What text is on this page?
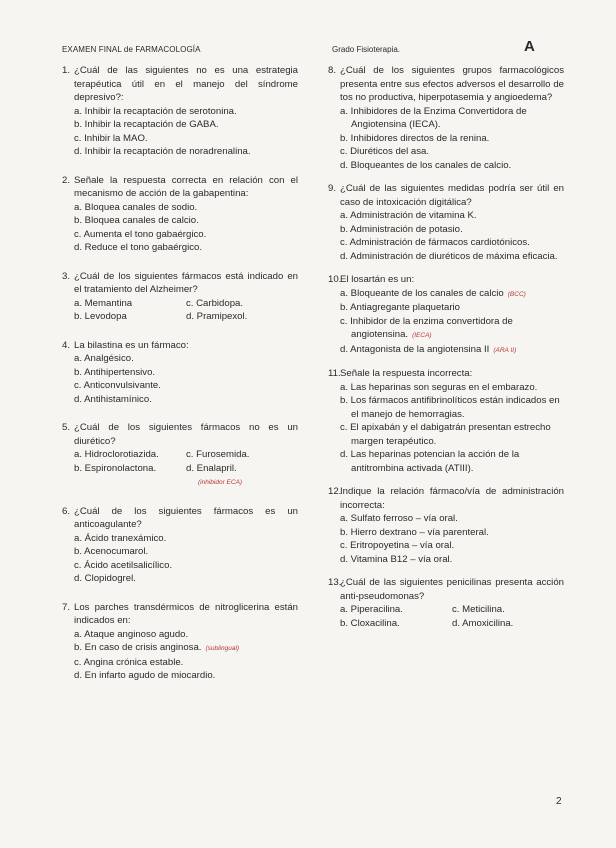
EXAMEN FINAL de FARMACOLOGÍA	Grado Fisioterapia.	A
1. ¿Cuál de las siguientes no es una estrategia terapéutica útil en el manejo del síndrome depresivo?:
a. Inhibir la recaptación de serotonina.
b. Inhibir la recaptación de GABA.
c. Inhibir la MAO.
d. Inhibir la recaptación de noradrenalina.
2. Señale la respuesta correcta en relación con el mecanismo de acción de la gabapentina:
a. Bloquea canales de sodio.
b. Bloquea canales de calcio.
c. Aumenta el tono gabaérgico.
d. Reduce el tono gabaérgico.
3. ¿Cuál de los siguientes fármacos está indicado en el tratamiento del Alzheimer?
a. Memantina	c. Carbidopa.
b. Levodopa	d. Pramipexol.
4. La bilastina es un fármaco:
a. Analgésico.
b. Antihipertensivo.
c. Anticonvulsivante.
d. Antihistamínico.
5. ¿Cuál de los siguientes fármacos no es un diurético?
a. Hidroclorotiazida.	c. Furosemida.
b. Espironolactona.	d. Enalapril.
(inhibidor ECA)
6. ¿Cuál de los siguientes fármacos es un anticoagulante?
a. Ácido tranexámico.
b. Acenocumarol.
c. Ácido acetilsalicílico.
d. Clopidogrel.
7. Los parches transdérmicos de nitroglicerina están indicados en:
a. Ataque anginoso agudo.
b. En caso de crisis anginosa. (sublingual)
c. Angina crónica estable.
d. En infarto agudo de miocardio.
8. ¿Cuál de los siguientes grupos farmacológicos presenta entre sus efectos adversos el desarrollo de tos no productiva, hiperpotasemia y angioedema?
a. Inhibidores de la Enzima Convertidora de Angiotensina (IECA).
b. Inhibidores directos de la renina.
c. Diuréticos del asa.
d. Bloqueantes de los canales de calcio.
9. ¿Cuál de las siguientes medidas podría ser útil en caso de intoxicación digitálica?
a. Administración de vitamina K.
b. Administración de potasio.
c. Administración de fármacos cardiotónicos.
d. Administración de diuréticos de máxima eficacia.
10.
El losartán es un:
a. Bloqueante de los canales de calcio (BCC)
b. Antiagregante plaquetario
c. Inhibidor de la enzima convertidora de angiotensina. (IECA)
d. Antagonista de la angiotensina II (ARA II)
11. Señale la respuesta incorrecta:
a. Las heparinas son seguras en el embarazo.
b. Los fármacos antifibrinolíticos están indicados en el manejo de hemorragias.
c. El apixabán y el dabigatrán presentan estrecho margen terapéutico.
d. Las heparinas potencian la acción de la antitrombina activada (ATIII).
12.
Indique la relación fármaco/vía de administración incorrecta:
a. Sulfato ferroso – vía oral.
b. Hierro dextrano – vía parenteral.
c. Eritropoyetina – vía oral.
d. Vitamina B12 – vía oral.
13.
¿Cuál de las siguientes penicilinas presenta acción anti-pseudomonas?
a. Piperacilina.	c. Meticilina.
b. Cloxacilina.	d. Amoxicilina.
2
